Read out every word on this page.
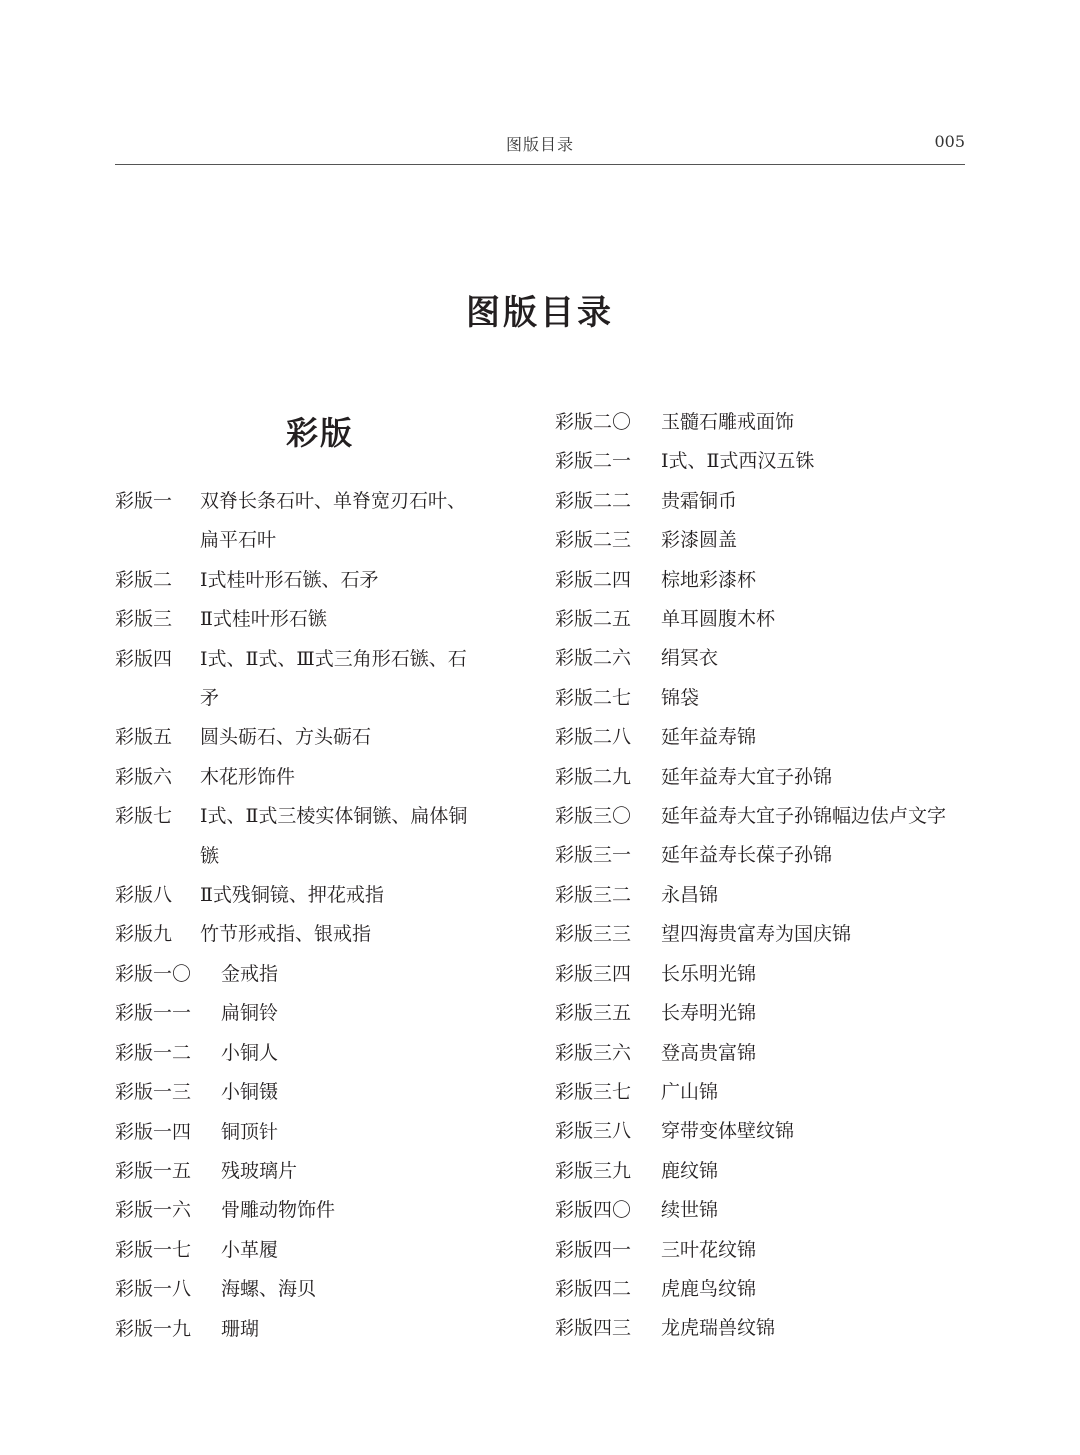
图版目录	005
图版目录
彩版
彩版一	双脊长条石叶、单脊宽刃石叶、
扁平石叶
彩版二	Ⅰ式桂叶形石镞、石矛
彩版三	Ⅱ式桂叶形石镞
彩版四	Ⅰ式、Ⅱ式、Ⅲ式三角形石镞、石
矛
彩版五	圆头砺石、方头砺石
彩版六	木花形饰件
彩版七	Ⅰ式、Ⅱ式三棱实体铜镞、扁体铜
镞
彩版八	Ⅱ式残铜镜、押花戒指
彩版九	竹节形戒指、银戒指
彩版一〇	金戒指
彩版一一	扁铜铃
彩版一二	小铜人
彩版一三	小铜镊
彩版一四	铜顶针
彩版一五	残玻璃片
彩版一六	骨雕动物饰件
彩版一七	小革履
彩版一八	海螺、海贝
彩版一九	珊瑚
彩版二〇	玉髓石雕戒面饰
彩版二一	Ⅰ式、Ⅱ式西汉五铢
彩版二二	贵霜铜币
彩版二三	彩漆圆盖
彩版二四	棕地彩漆杯
彩版二五	单耳圆腹木杯
彩版二六	绢冥衣
彩版二七	锦袋
彩版二八	延年益寿锦
彩版二九	延年益寿大宜子孙锦
彩版三〇	延年益寿大宜子孙锦幅边佉卢文字
彩版三一	延年益寿长葆子孙锦
彩版三二	永昌锦
彩版三三	望四海贵富寿为国庆锦
彩版三四	长乐明光锦
彩版三五	长寿明光锦
彩版三六	登高贵富锦
彩版三七	广山锦
彩版三八	穿带变体壁纹锦
彩版三九	鹿纹锦
彩版四〇	续世锦
彩版四一	三叶花纹锦
彩版四二	虎鹿鸟纹锦
彩版四三	龙虎瑞兽纹锦
